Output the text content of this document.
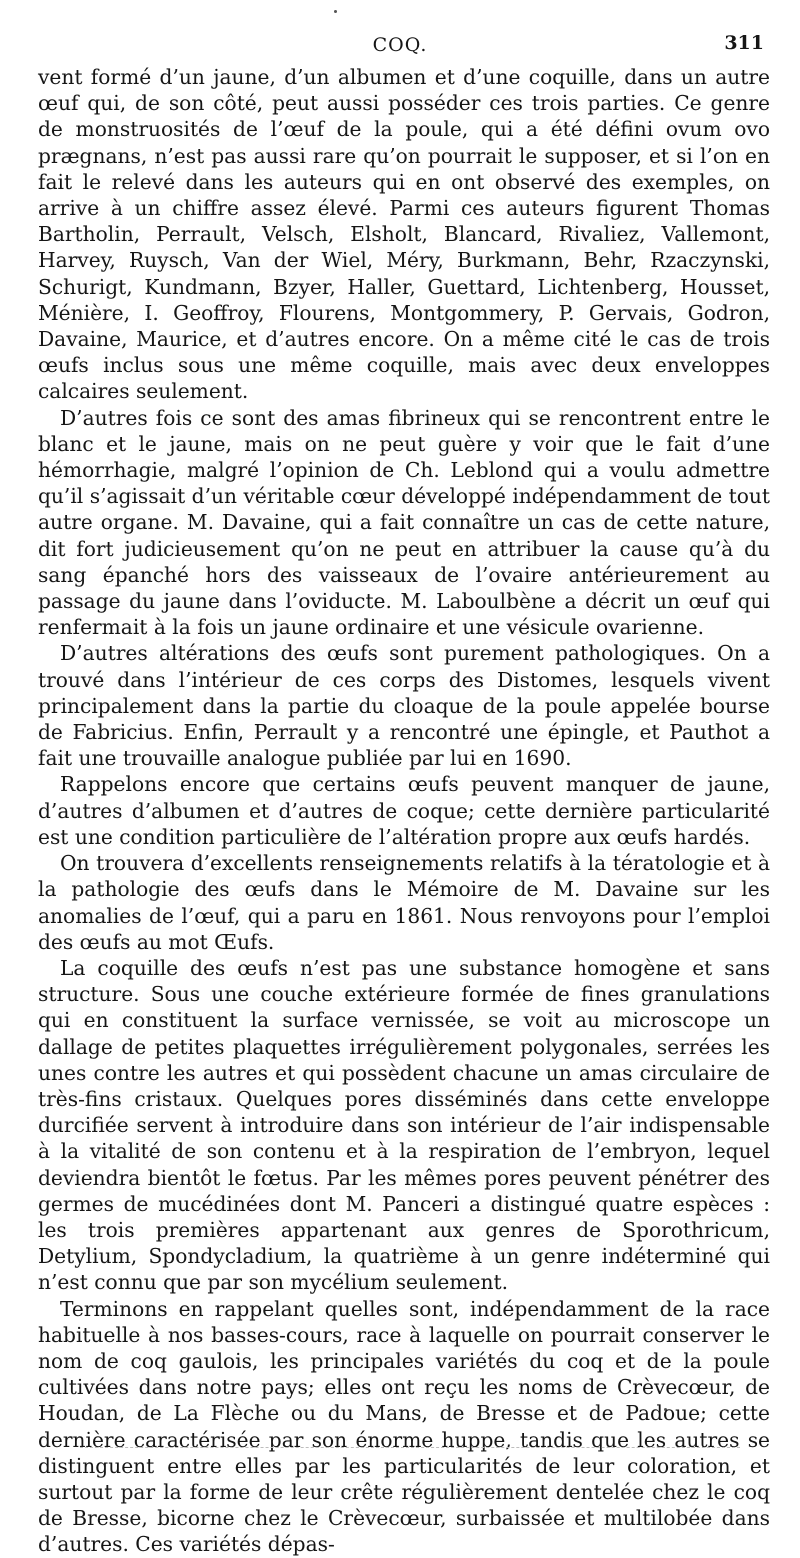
COQ.	311

vent formé d’un jaune, d’un albumen et d’une coquille, dans un autre œuf qui, de son côté, peut aussi posséder ces trois parties. Ce genre de monstruosités de l’œuf de la poule, qui a été défini ovum ovo prægnans, n’est pas aussi rare qu’on pourrait le supposer, et si l’on en fait le relevé dans les auteurs qui en ont observé des exemples, on arrive à un chiffre assez élevé. Parmi ces auteurs figurent Thomas Bartholin, Perrault, Velsch, Elsholt, Blancard, Rivaliez, Vallemont, Harvey, Ruysch, Van der Wiel, Méry, Burkmann, Behr, Rzaczynski, Schurigt, Kundmann, Bzyer, Haller, Guettard, Lichtenberg, Housset, Ménière, I. Geoffroy, Flourens, Montgommery, P. Gervais, Godron, Davaine, Maurice, et d’autres encore. On a même cité le cas de trois œufs inclus sous une même coquille, mais avec deux enveloppes calcaires seulement.

D’autres fois ce sont des amas fibrineux qui se rencontrent entre le blanc et le jaune, mais on ne peut guère y voir que le fait d’une hémorrhagie, malgré l’opinion de Ch. Leblond qui a voulu admettre qu’il s’agissait d’un véritable cœur développé indépendamment de tout autre organe. M. Davaine, qui a fait connaître un cas de cette nature, dit fort judicieusement qu’on ne peut en attribuer la cause qu’à du sang épanché hors des vaisseaux de l’ovaire antérieurement au passage du jaune dans l’oviducte. M. Laboulbène a décrit un œuf qui renfermait à la fois un jaune ordinaire et une vésicule ovarienne.

D’autres altérations des œufs sont purement pathologiques. On a trouvé dans l’intérieur de ces corps des Distomes, lesquels vivent principalement dans la partie du cloaque de la poule appelée bourse de Fabricius. Enfin, Perrault y a rencontré une épingle, et Pauthot a fait une trouvaille analogue publiée par lui en 1690.

Rappelons encore que certains œufs peuvent manquer de jaune, d’autres d’albumen et d’autres de coque; cette dernière particularité est une condition particulière de l’altération propre aux œufs hardés.

On trouvera d’excellents renseignements relatifs à la tératologie et à la pathologie des œufs dans le Mémoire de M. Davaine sur les anomalies de l’œuf, qui a paru en 1861. Nous renvoyons pour l’emploi des œufs au mot Œufs.

La coquille des œufs n’est pas une substance homogène et sans structure. Sous une couche extérieure formée de fines granulations qui en constituent la surface vernissée, se voit au microscope un dallage de petites plaquettes irrégulièrement polygonales, serrées les unes contre les autres et qui possèdent chacune un amas circulaire de très-fins cristaux. Quelques pores disséminés dans cette enveloppe durcifiée servent à introduire dans son intérieur de l’air indispensable à la vitalité de son contenu et à la respiration de l’embryon, lequel deviendra bientôt le fœtus. Par les mêmes pores peuvent pénétrer des germes de mucédinées dont M. Panceri a distingué quatre espèces : les trois premières appartenant aux genres de Sporothricum, Detylium, Spondycladium, la quatrième à un genre indéterminé qui n’est connu que par son mycélium seulement.

Terminons en rappelant quelles sont, indépendamment de la race habituelle à nos basses-cours, race à laquelle on pourrait conserver le nom de coq gaulois, les principales variétés du coq et de la poule cultivées dans notre pays; elles ont reçu les noms de Crèvecœur, de Houdan, de La Flèche ou du Mans, de Bresse et de Padoue; cette dernière caractérisée par son énorme huppe, tandis que les autres se distinguent entre elles par les particularités de leur coloration, et surtout par la forme de leur crête régulièrement dentelée chez le coq de Bresse, bicorne chez le Crèvecœur, surbaissée et multilobée dans d’autres. Ces variétés dépas-
